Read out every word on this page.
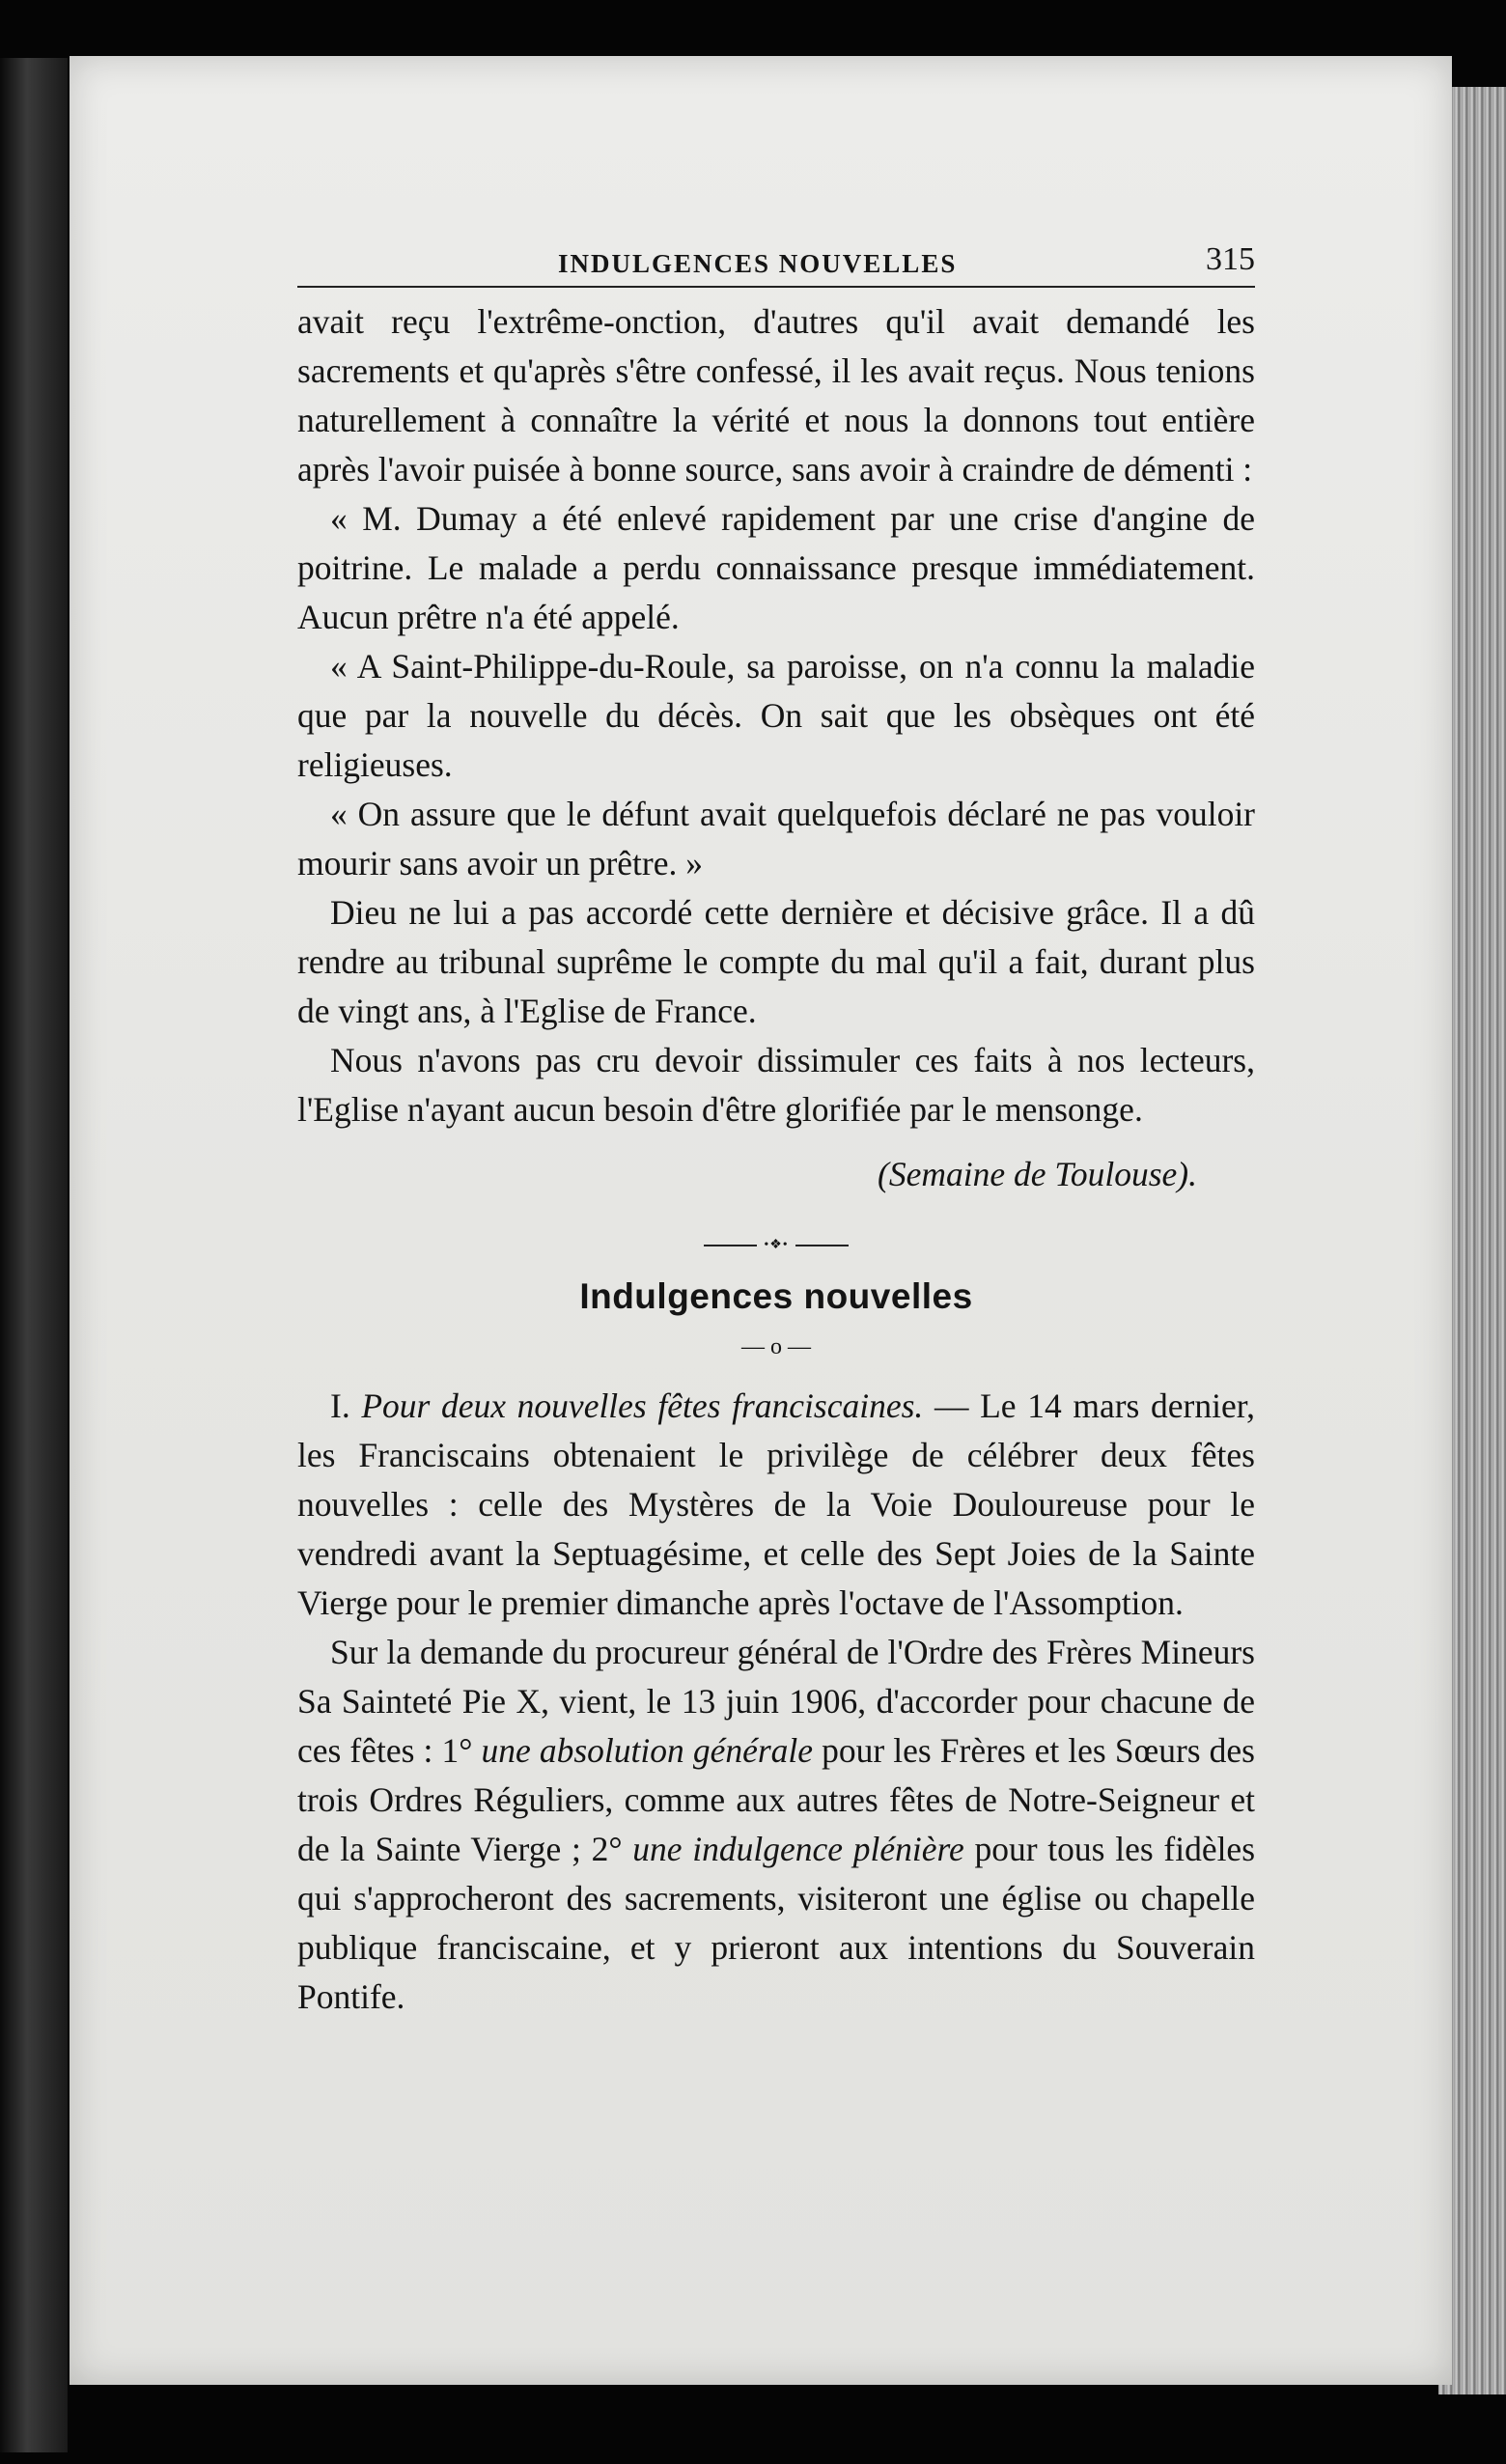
INDULGENCES NOUVELLES	315

avait reçu l'extrême-onction, d'autres qu'il avait demandé les sacrements et qu'après s'être confessé, il les avait reçus. Nous tenions naturellement à connaître la vérité et nous la donnons tout entière après l'avoir puisée à bonne source, sans avoir à craindre de démenti :

« M. Dumay a été enlevé rapidement par une crise d'angine de poitrine. Le malade a perdu connaissance presque immédiatement. Aucun prêtre n'a été appelé.

« A Saint-Philippe-du-Roule, sa paroisse, on n'a connu la maladie que par la nouvelle du décès. On sait que les obsèques ont été religieuses.

« On assure que le défunt avait quelquefois déclaré ne pas vouloir mourir sans avoir un prêtre. »

Dieu ne lui a pas accordé cette dernière et décisive grâce. Il a dû rendre au tribunal suprême le compte du mal qu'il a fait, durant plus de vingt ans, à l'Eglise de France.

Nous n'avons pas cru devoir dissimuler ces faits à nos lecteurs, l'Eglise n'ayant aucun besoin d'être glorifiée par le mensonge.

(Semaine de Toulouse).

•❖•
Indulgences nouvelles
— o —

I. Pour deux nouvelles fêtes franciscaines. — Le 14 mars dernier, les Franciscains obtenaient le privilège de célébrer deux fêtes nouvelles : celle des Mystères de la Voie Douloureuse pour le vendredi avant la Septuagésime, et celle des Sept Joies de la Sainte Vierge pour le premier dimanche après l'octave de l'Assomption.

Sur la demande du procureur général de l'Ordre des Frères Mineurs Sa Sainteté Pie X, vient, le 13 juin 1906, d'accorder pour chacune de ces fêtes : 1° une absolution générale pour les Frères et les Sœurs des trois Ordres Réguliers, comme aux autres fêtes de Notre-Seigneur et de la Sainte Vierge ; 2° une indulgence plénière pour tous les fidèles qui s'approcheront des sacrements, visiteront une église ou chapelle publique franciscaine, et y prieront aux intentions du Souverain Pontife.
